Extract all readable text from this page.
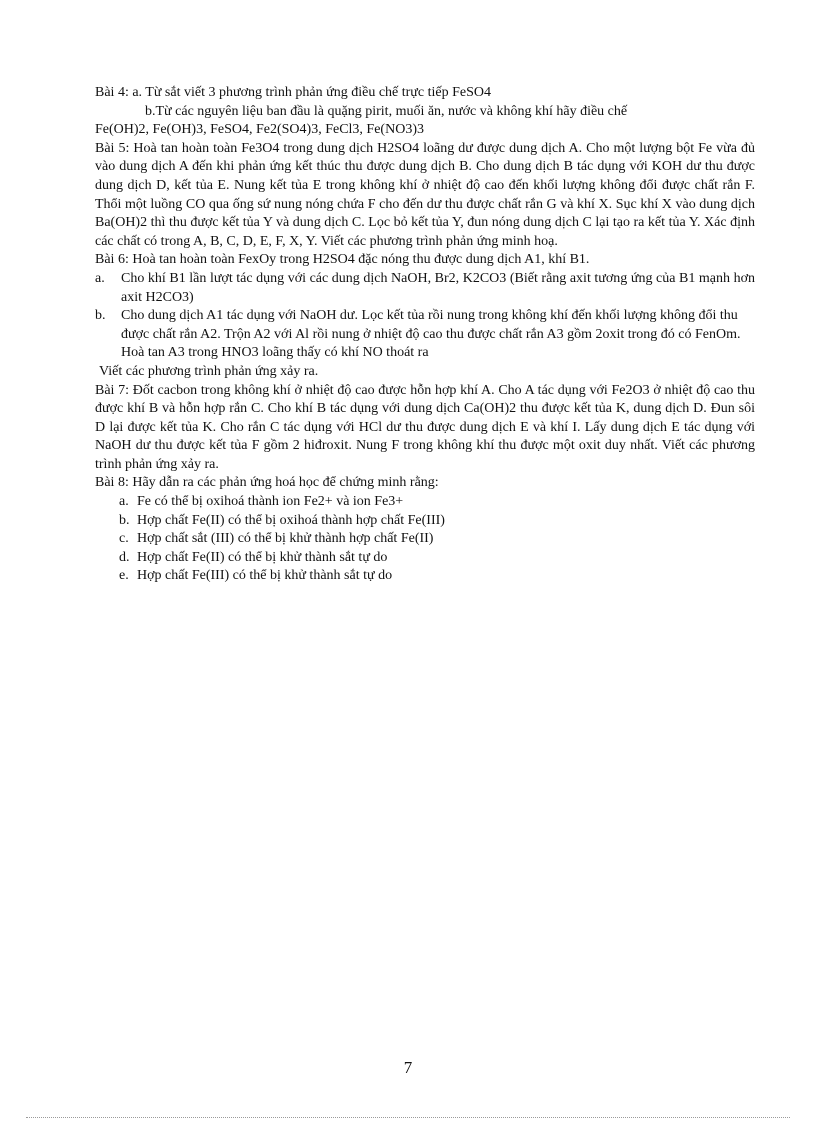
Bài 4: a. Từ sắt viết 3 phương trình phản ứng điều chế trực tiếp FeSO4

b.Từ các nguyên liệu ban đầu là quặng pirit, muối ăn, nước và không khí hãy điều chế

Fe(OH)2, Fe(OH)3, FeSO4, Fe2(SO4)3, FeCl3, Fe(NO3)3

Bài 5: Hoà tan hoàn toàn Fe3O4 trong dung dịch H2SO4 loãng dư được dung dịch A. Cho một lượng bột Fe vừa đủ vào dung dịch A đến khi phản ứng kết thúc thu được dung dịch B. Cho dung dịch B tác dụng với KOH dư thu được dung dịch D, kết tủa E. Nung kết tủa E trong không khí ở nhiệt độ cao đến khối lượng không đổi được chất rắn F. Thổi một luồng CO qua ống sứ nung nóng chứa F cho đến dư thu được chất rắn G và khí X. Sục khí X vào dung dịch Ba(OH)2 thì thu được kết tủa Y và dung dịch C. Lọc bỏ kết tủa Y, đun nóng dung dịch C lại tạo ra kết tủa Y. Xác định các chất có trong A, B, C, D, E, F, X, Y. Viết các phương trình phản ứng minh hoạ.

Bài 6: Hoà tan hoàn toàn FexOy trong H2SO4 đặc nóng thu được dung dịch A1, khí B1.

a.	Cho khí B1 lần lượt tác dụng với các dung dịch NaOH, Br2, K2CO3 (Biết rằng axit tương ứng của B1 mạnh hơn axit H2CO3)
b.	Cho dung dịch A1 tác dụng với NaOH dư. Lọc kết tủa rồi nung trong không khí đến khối lượng không đổi thu được chất rắn A2. Trộn A2 với Al rồi nung ở nhiệt độ cao thu được chất rắn A3 gồm 2oxit trong đó có FenOm. Hoà tan A3 trong HNO3 loãng thấy có khí NO thoát ra

Viết các phương trình phản ứng xảy ra.

Bài 7: Đốt cacbon trong không khí ở nhiệt độ cao được hỗn hợp khí A. Cho A tác dụng với Fe2O3 ở nhiệt độ cao thu được khí B và hỗn hợp rắn C. Cho khí B tác dụng với dung dịch Ca(OH)2 thu được kết tủa K, dung dịch D. Đun sôi D lại được kết tủa K. Cho rắn C tác dụng với HCl dư thu được dung dịch E và khí I. Lấy dung dịch E tác dụng với NaOH dư thu được kết tủa F gồm 2 hiđroxit. Nung F trong không khí thu được một oxit duy nhất. Viết các phương trình phản ứng xảy ra.

Bài 8: Hãy dẫn ra các phản ứng hoá học để chứng minh rằng:

a. Fe có thể bị oxihoá thành ion Fe2+ và ion Fe3+
b. Hợp chất Fe(II) có thể bị oxihoá thành hợp chất Fe(III)
c. Hợp chất sắt (III) có thể bị khử thành hợp chất Fe(II)
d. Hợp chất Fe(II) có thể bị khử thành sắt tự do
e. Hợp chất Fe(III) có thể bị khử thành sắt tự do
7
